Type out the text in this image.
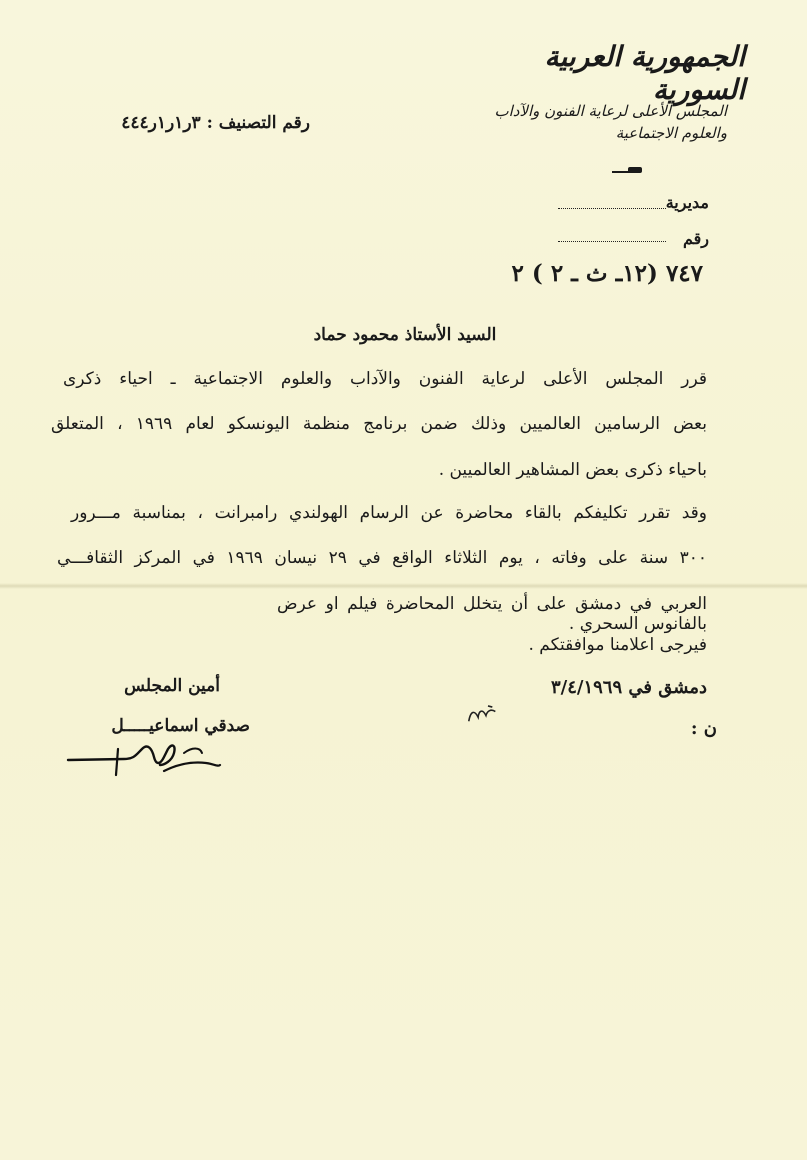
الجمهورية العربية السورية
المجلس الأعلى لرعاية الفنون والآداب
والعلوم الاجتماعية
رقم التصنيف : ٣ر١ر١ر٤٤٤
مديرية
رقم
٧٤٧ (١٢ـ ث ـ ٢ ) ٢
السيد الأستاذ محمود حماد
قرر المجلس الأعلى لرعاية الفنون والآداب والعلوم الاجتماعية ـ احياء ذكرى
بعض الرسامين العالميين وذلك ضمن برنامج منظمة اليونسكو لعام ١٩٦٩ ، المتعلق
باحياء ذكرى بعض المشاهير العالميين .
وقد تقرر تكليفكم بالقاء محاضرة عن الرسام الهولندي رامبرانت ، بمناسبة مـــرور
٣٠٠ سنة على وفاته ، يوم الثلاثاء الواقع في ٢٩ نيسان ١٩٦٩ في المركز الثقافـــي
العربي في دمشق على أن يتخلل المحاضرة فيلم او عرض بالفانوس السحري .
فيرجى اعلامنا موافقتكم .
دمشق في ٣/٤/١٩٦٩
ن :
أمين المجلس
صدقي اسماعيـــــل
